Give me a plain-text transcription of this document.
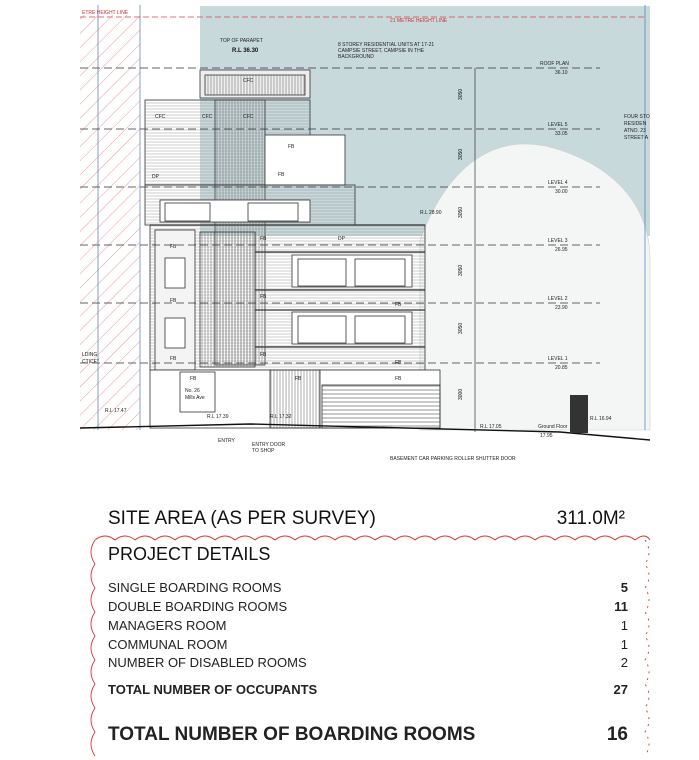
ETRE HEIGHT LINE
21 METRE HEIGHT LINE
3050
3050
3050
3050
3050
3000
ROOF PLAN
36.10
LEVEL 5
33.05
LEVEL 4
30.00
LEVEL 3
26.95
LEVEL 2
23.90
LEVEL 1
20.85
Ground Floor
17.95
TOP OF PARAPET
R.L 36.30
8 STOREY RESIDENTIAL UNITS AT 17-21
CAMPSIE STREET, CAMPSIE IN THE
BACKGROUND
FOUR STO
RESIDEN
ATNO. 23
STREET A
R.L 28.90
R.L 17.47
R.L 17.39	R.L 17.32
R.L 17.05
R.L 16.94
ENTRY
ENTRY DOOR
TO SHOP
BASEMENT CAR PARKING ROLLER SHUTTER DOOR
LDING
CTICE*
No. 26
Mills Ave
CFC
CFC	CFC	CFC
FB
DP	FB
FB	DP
FB
FB
FB
FB
FB
FB
FB
FB
FB
FB
SITE AREA (AS PER SURVEY)	311.0M²
PROJECT DETAILS
SINGLE BOARDING ROOMS	5
DOUBLE BOARDING ROOMS	11
MANAGERS ROOM	1
COMMUNAL ROOM	1
NUMBER OF DISABLED ROOMS	2
TOTAL NUMBER OF OCCUPANTS	27
TOTAL NUMBER OF BOARDING ROOMS	16
